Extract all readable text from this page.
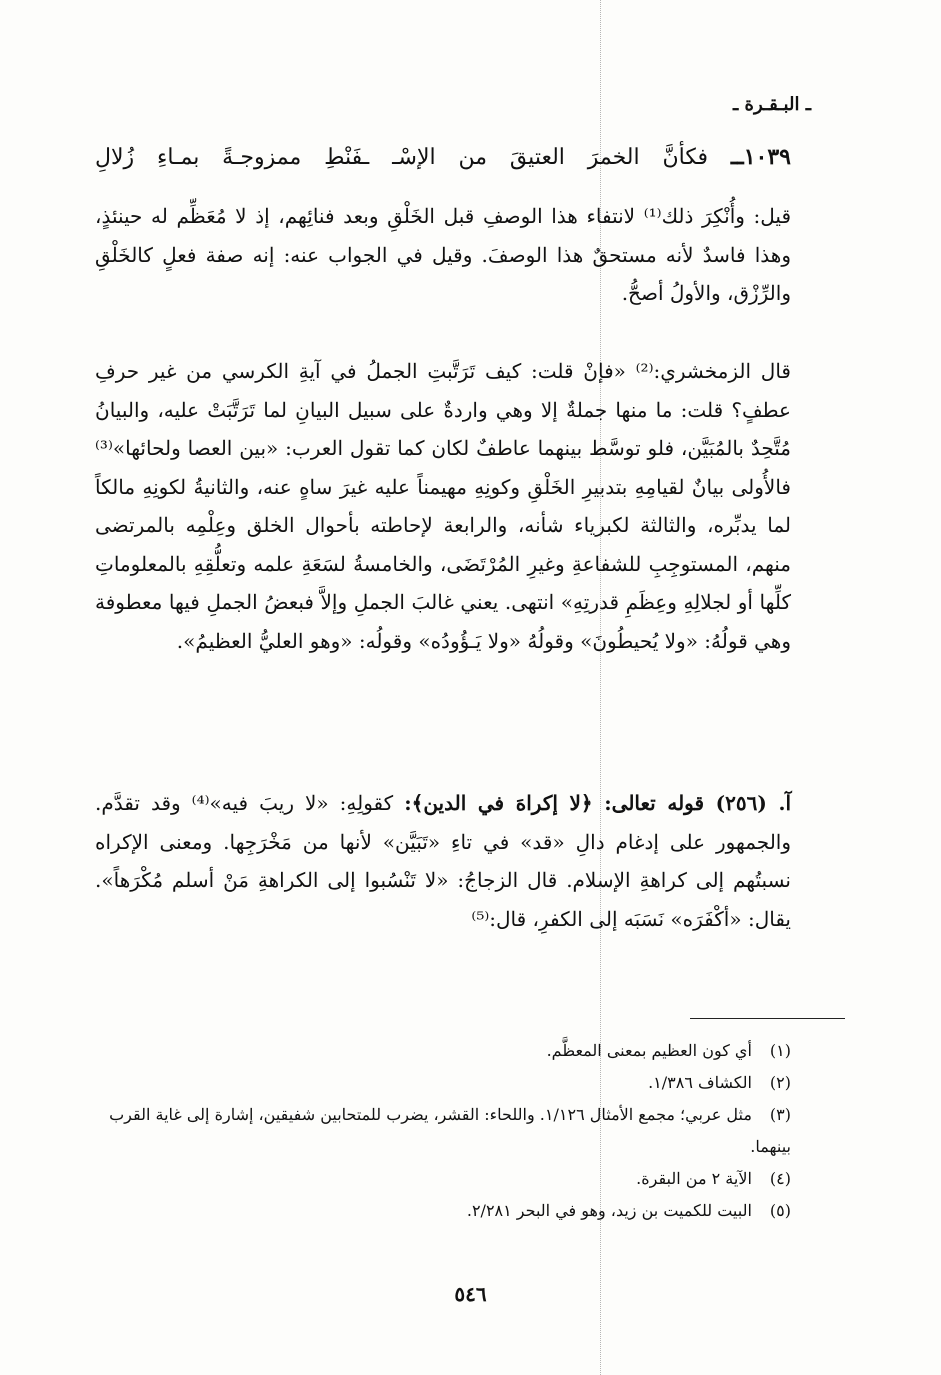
ـ البـقـرة ـ
١٠٣٩ــ فكأنَّ الخمرَ العتيقَ من الإسْـ ـفَنْطِ ممزوجـةً بمـاءِ زُلالِ
قيل: وأُنْكِرَ ذلك⁽¹⁾ لانتفاء هذا الوصفِ قبل الخَلْقِ وبعد فنائِهم، إذ لا مُعَظِّم له حينئذٍ، وهذا فاسدٌ لأنه مستحقٌ هذا الوصفَ. وقيل في الجواب عنه: إنه صفة فعلٍ كالخَلْقِ والرِّزْق، والأولُ أصحُّ.
قال الزمخشري:⁽²⁾ «فإنْ قلت: كيف تَرَتَّبتِ الجملُ في آيةِ الكرسي من غير حرفِ عطفٍ؟ قلت: ما منها جملةٌ إلا وهي واردةٌ على سبيل البيانِ لما تَرَتَّبَتْ عليه، والبيانُ مُتَّحِدٌ بالمُبَيَّن، فلو توسَّط بينهما عاطفٌ لكان كما تقول العرب: «بين العصا ولحائها»⁽³⁾ فالأُولى بيانٌ لقيامِهِ بتدبيرِ الخَلْقِ وكونِهِ مهيمناً عليه غيرَ ساهٍ عنه، والثانيةُ لكونِهِ مالكاً لما يدبِّره، والثالثة لكبرياء شأنه، والرابعة لإحاطته بأحوال الخلق وعِلْمِه بالمرتضى منهم، المستوجِبِ للشفاعةِ وغيرِ المُرْتَضَى، والخامسةُ لسَعَةِ علمه وتعلُّقِهِ بالمعلوماتِ كلِّها أو لجلالِهِ وعِظَمِ قدرتِهِ» انتهى. يعني غالبَ الجملِ وإلاَّ فبعضُ الجملِ فيها معطوفة وهي قولُهُ: «ولا يُحيطُونَ» وقولُهُ «ولا يَـؤُودُه» وقولُه: «وهو العليُّ العظيمُ».
آ. (٢٥٦) قوله تعالى: ﴿لا إكراهَ في الدين﴾: كقولِهِ: «لا ريبَ فيه»⁽⁴⁾ وقد تقدَّم. والجمهور على إدغام دالِ «قد» في تاءِ «تَبَيَّن» لأنها من مَخْرَجِها. ومعنى الإكراه نسبتُهم إلى كراهةِ الإسلام. قال الزجاجُ: «لا تَنْسُبوا إلى الكراهةِ مَنْ أسلم مُكْرَهاً». يقال: «أكْفَرَه» نَسَبَه إلى الكفرِ، قال:⁽⁵⁾
(١) أي كون العظيم بمعنى المعظَّم.
(٢) الكشاف ١/٣٨٦.
(٣) مثل عربي؛ مجمع الأمثال ١/١٢٦. واللحاء: القشر، يضرب للمتحابين شفيقين، إشارة إلى غاية القرب بينهما.
(٤) الآية ٢ من البقرة.
(٥) البيت للكميت بن زيد، وهو في البحر ٢/٢٨١.
٥٤٦
